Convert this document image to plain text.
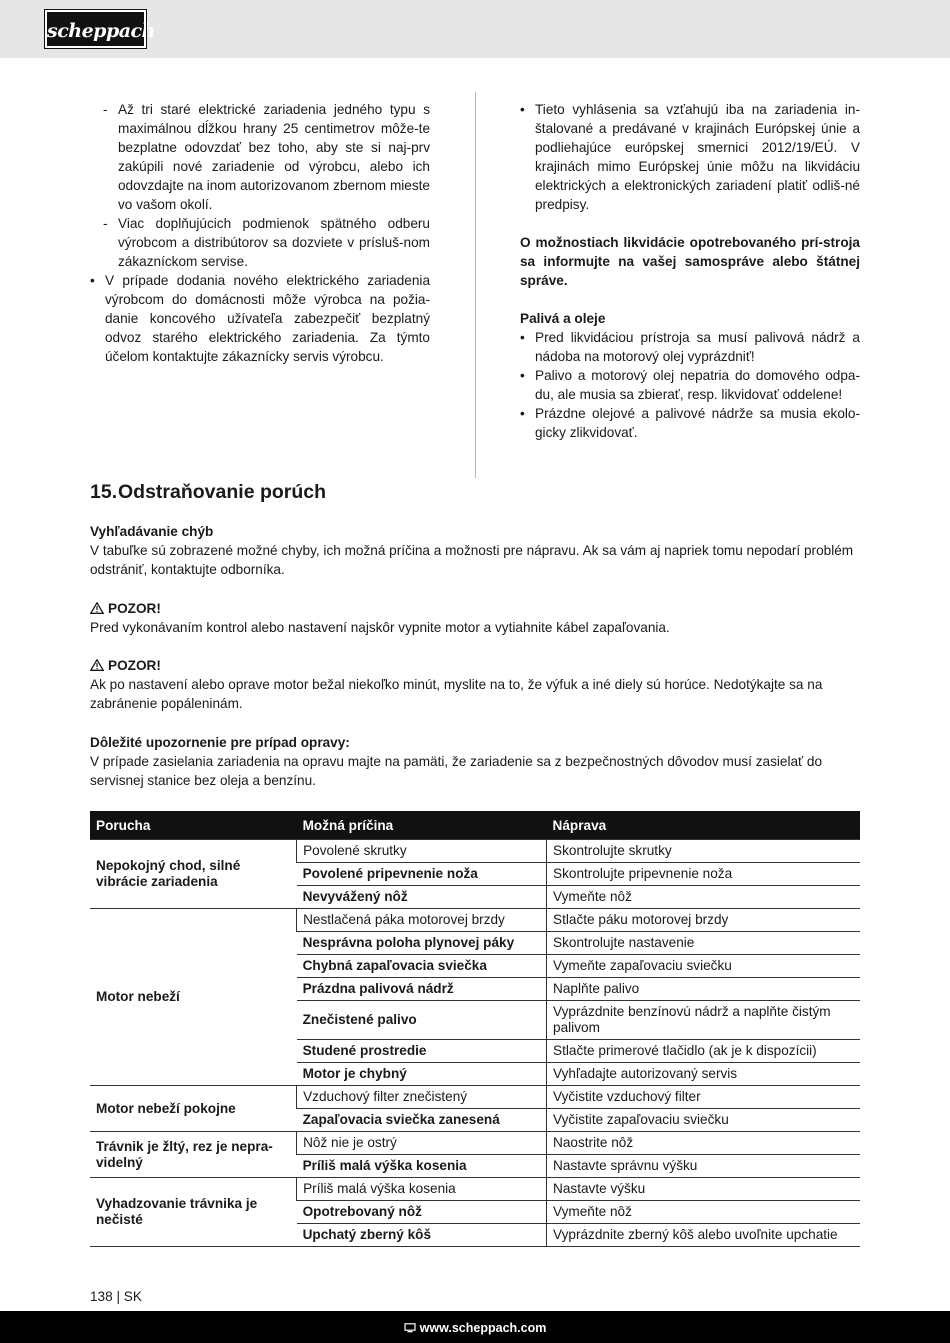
scheppach

- Až tri staré elektrické zariadenia jedného typu s maximálnou dĺžkou hrany 25 centimetrov môže-te bezplatne odovzdať bez toho, aby ste si naj-prv zakúpili nové zariadenie od výrobcu, alebo ich odovzdajte na inom autorizovanom zbernom mieste vo vašom okolí.

- Viac doplňujúcich podmienok spätného odberu výrobcom a distribútorov sa dozviete v prísluš-nom zákazníckom servise.

• V prípade dodania nového elektrického zariadenia výrobcom do domácnosti môže výrobca na požia-danie koncového užívateľa zabezpečiť bezplatný odvoz starého elektrického zariadenia. Za týmto účelom kontaktujte zákaznícky servis výrobcu.

• Tieto vyhlásenia sa vzťahujú iba na zariadenia in-štalované a predávané v krajinách Európskej únie a podliehajúce európskej smernici 2012/19/EÚ. V krajinách mimo Európskej únie môžu na likvidáciu elektrických a elektronických zariadení platiť odliš-né predpisy.

O možnostiach likvidácie opotrebovaného prí-stroja sa informujte na vašej samosprávе alebo štátnej správe.

Palivá a oleje

• Pred likvidáciou prístroja sa musí palivová nádrž a nádoba na motorový olej vyprázdniť!

• Palivo a motorový olej nepatria do domového odpa-du, ale musia sa zbierať, resp. likvidovať oddelene!

• Prázdne olejové a palivové nádrže sa musia ekolo-gicky zlikvidovať.

15.Odstraňovanie porúch

Vyhľadávanie chýb

V tabuľke sú zobrazené možné chyby, ich možná príčina a možnosti pre nápravu. Ak sa vám aj napriek tomu nepodarí problém odstrániť, kontaktujte odborníka.

POZOR!

Pred vykonávaním kontrol alebo nastavení najskôr vypnite motor a vytiahnite kábel zapaľovania.

POZOR!

Ak po nastavení alebo oprave motor bežal niekoľko minút, myslite na to, že výfuk a iné diely sú horúce. Nedotýkajte sa na zabránenie popáleninám.

Dôležité upozornenie pre prípad opravy:

V prípade zasielania zariadenia na opravu majte na pamäti, že zariadenie sa z bezpečnostných dôvodov musí zasielať do servisnej stanice bez oleja a benzínu.

Porucha	Možná príčina	Náprava
Nepokojný chod, silné vibrácie zariadenia	Povolené skrutky	Skontrolujte skrutky
	Povolené pripevnenie noža	Skontrolujte pripevnenie noža
	Nevyvážený nôž	Vymeňte nôž
Motor nebeží	Nestlačená páka motorovej brzdy	Stlačte páku motorovej brzdy
	Nesprávna poloha plynovej páky	Skontrolujte nastavenie
	Chybná zapaľovacia sviečka	Vymeňte zapaľovaciu sviečku
	Prázdna palivová nádrž	Naplňte palivo
	Znečistené palivo	Vyprázdnite benzínovú nádrž a naplňte čistým palivom
	Studené prostredie	Stlačte primerové tlačidlo (ak je k dispozícii)
	Motor je chybný	Vyhľadajte autorizovaný servis
Motor nebeží pokojne	Vzduchový filter znečistený	Vyčistite vzduchový filter
	Zapaľovacia sviečka zanesená	Vyčistite zapaľovaciu sviečku
Trávnik je žltý, rez je nepra-videlný	Nôž nie je ostrý	Naostrite nôž
	Príliš malá výška kosenia	Nastavte správnu výšku
Vyhadzovanie trávnika je nečisté	Príliš malá výška kosenia	Nastavte výšku
	Opotrebovaný nôž	Vymeňte nôž
	Upchatý zberný kôš	Vyprázdnite zberný kôš alebo uvoľnite upchatie
138 | SK
www.scheppach.com
